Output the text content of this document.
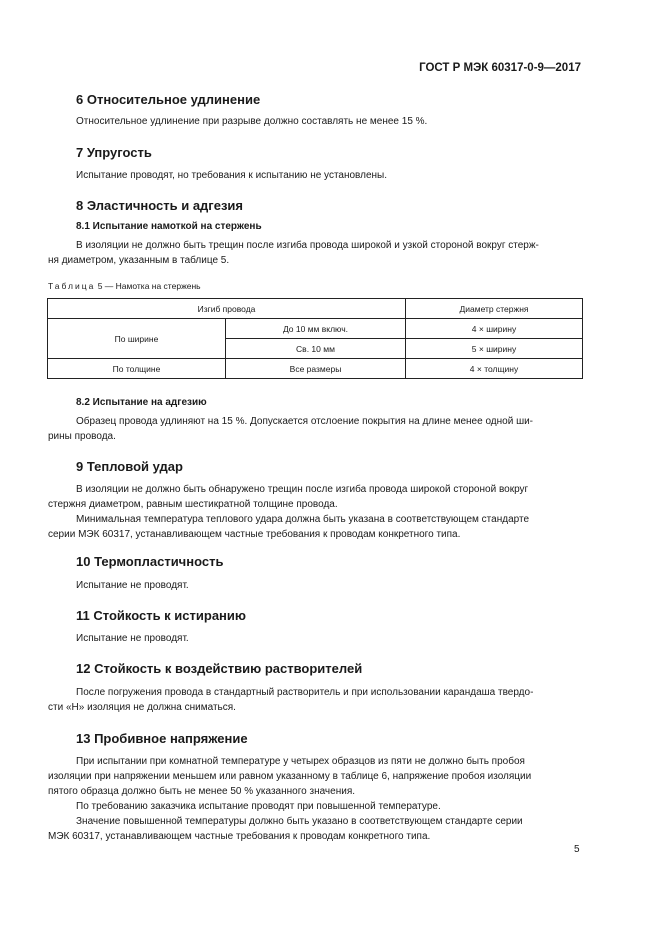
ГОСТ Р МЭК 60317-0-9—2017
6 Относительное удлинение
Относительное удлинение при разрыве должно составлять не менее 15 %.
7 Упругость
Испытание проводят, но требования к испытанию не установлены.
8 Эластичность и адгезия
8.1 Испытание намоткой на стержень
В изоляции не должно быть трещин после изгиба провода широкой и узкой стороной вокруг стерж-
ня диаметром, указанным в таблице 5.
Таблица 5 — Намотка на стержень
Изгиб провода		Диаметр стержня
По ширине	До 10 мм включ.	4 × ширину
	Св. 10 мм	5 × ширину
По толщине	Все размеры	4 × толщину
8.2 Испытание на адгезию
Образец провода удлиняют на 15 %. Допускается отслоение покрытия на длине менее одной ши-
рины провода.
9 Тепловой удар
В изоляции не должно быть обнаружено трещин после изгиба провода широкой стороной вокруг
стержня диаметром, равным шестикратной толщине провода.
Минимальная температура теплового удара должна быть указана в соответствующем стандарте
серии МЭК 60317, устанавливающем частные требования к проводам конкретного типа.
10 Термопластичность
Испытание не проводят.
11 Стойкость к истиранию
Испытание не проводят.
12 Стойкость к воздействию растворителей
После погружения провода в стандартный растворитель и при использовании карандаша твердо-
сти «Н» изоляция не должна сниматься.
13 Пробивное напряжение
При испытании при комнатной температуре у четырех образцов из пяти не должно быть пробоя
изоляции при напряжении меньшем или равном указанному в таблице 6, напряжение пробоя изоляции
пятого образца должно быть не менее 50 % указанного значения.
По требованию заказчика испытание проводят при повышенной температуре.
Значение повышенной температуры должно быть указано в соответствующем стандарте серии
МЭК 60317, устанавливающем частные требования к проводам конкретного типа.
5
